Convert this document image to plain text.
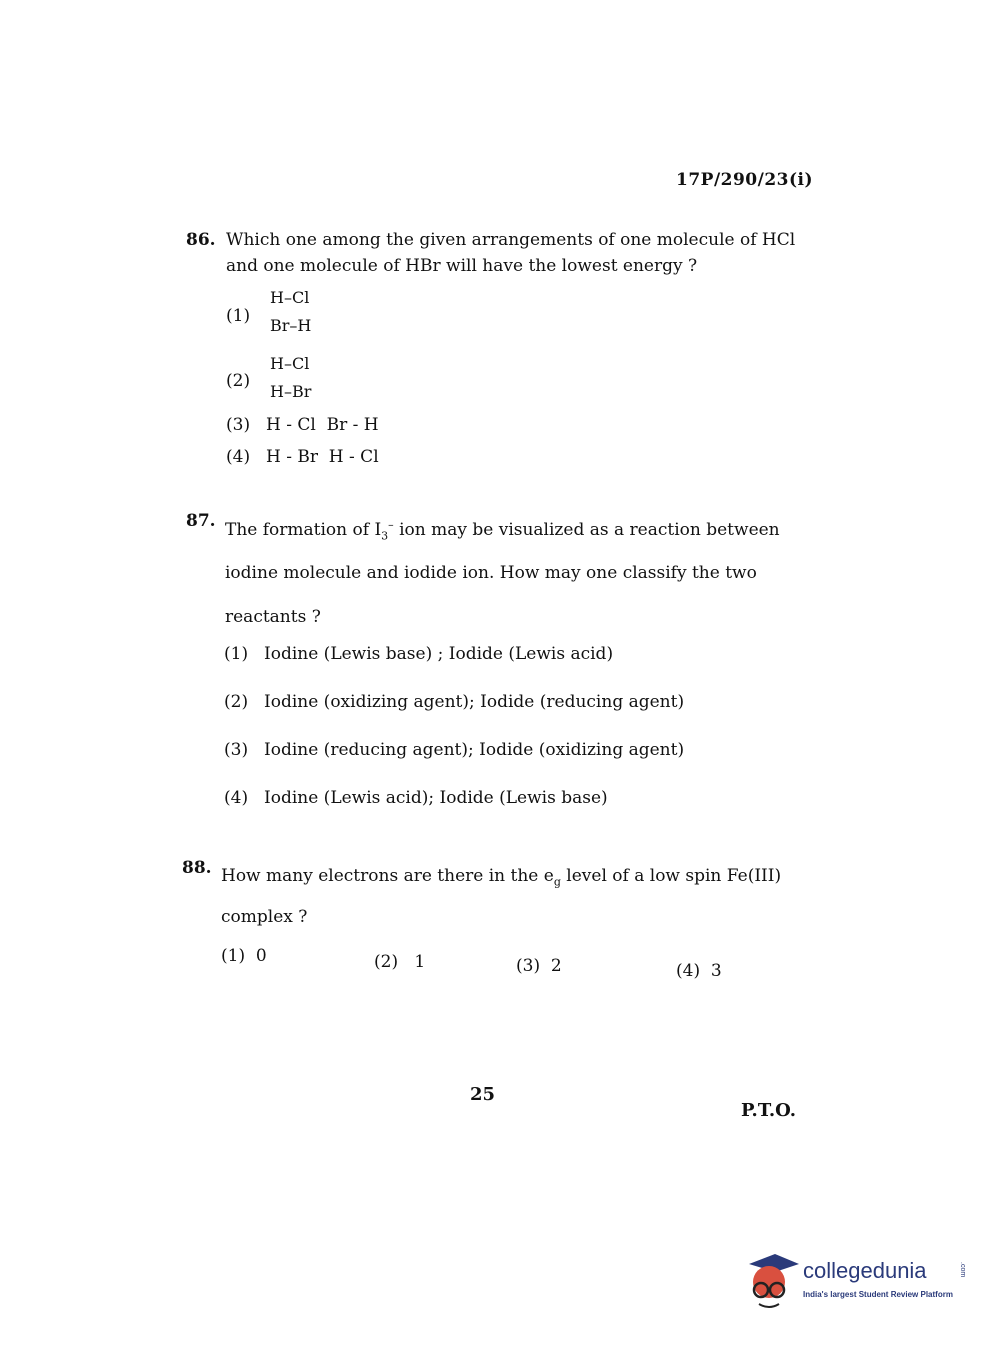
17P/290/23(i)
86. Which one among the given arrangements of one molecule of HCl
and one molecule of HBr will have the lowest energy ?
(1)
H–Cl
Br–H
(2)
H–Cl
H–Br
(3) H - Cl  Br - H
(4) H - Br  H - Cl
87. The formation of $I_3^-$ ion may be visualized as a reaction between
iodine molecule and iodide ion. How may one classify the two
reactants ?
(1) Iodine (Lewis base) ; Iodide (Lewis acid)
(2) Iodine (oxidizing agent); Iodide (reducing agent)
(3) Iodine (reducing agent); Iodide (oxidizing agent)
(4) Iodine (Lewis acid); Iodide (Lewis base)
88. How many electrons are there in the $e_g$ level of a low spin Fe(III)
complex ?
(1) 0	(2) 1	(3) 2	(4) 3
25
P.T.O.
collegedunia	.com
India's largest Student Review Platform
